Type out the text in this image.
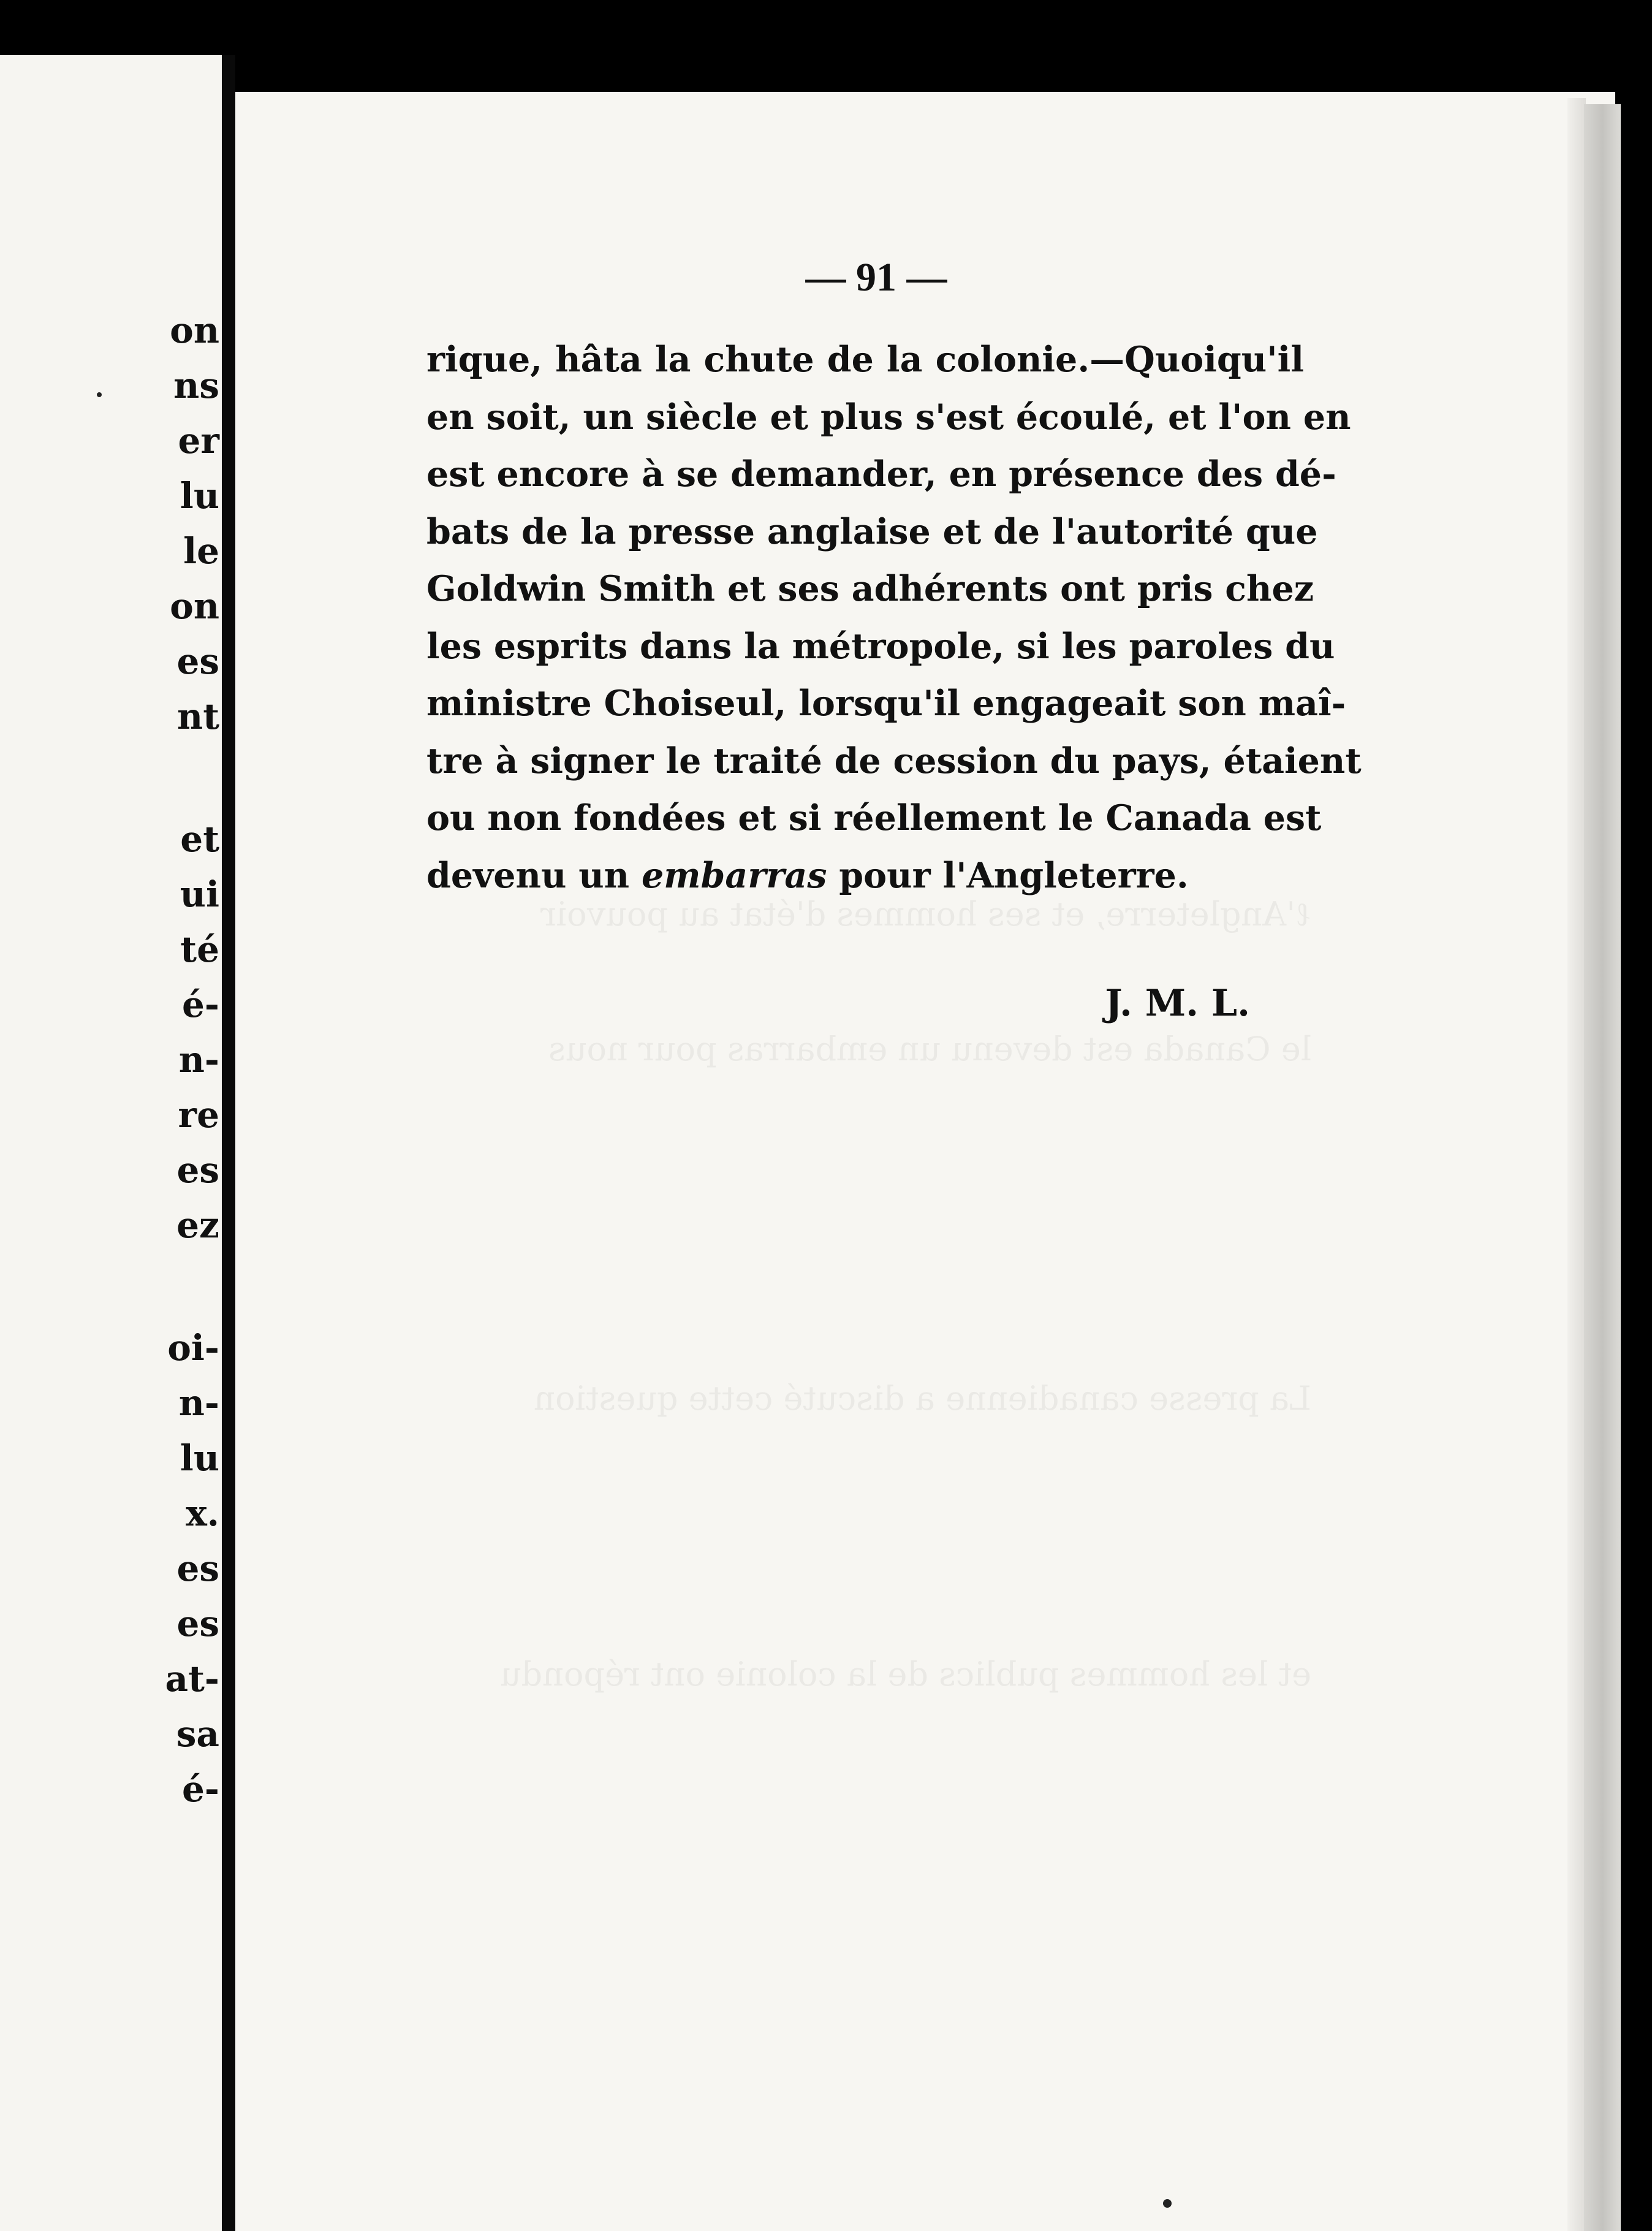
on
ns
er
lu
le
on
es
nt
et
ui
té
é-
n-
re
es
ez
oi-
n-
lu
x.
es
es
at-
sa
é-
ℓ'Angleterre, et ses hommes d'état au pouvoir
le Canada est devenu un embarras pour nous
La presse canadienne a discuté cette question
et les hommes publics de la colonie ont répondu
— 91 —
rique, hâta la chute de la colonie.—Quoiqu'il
en soit, un siècle et plus s'est écoulé, et l'on en
est encore à se demander, en présence des dé-
bats de la presse anglaise et de l'autorité que
Goldwin Smith et ses adhérents ont pris chez
les esprits dans la métropole, si les paroles du
ministre Choiseul, lorsqu'il engageait son maî-
tre à signer le traité de cession du pays, étaient
ou non fondées et si réellement le Canada est
devenu un embarras pour l'Angleterre.
J. M. L.
